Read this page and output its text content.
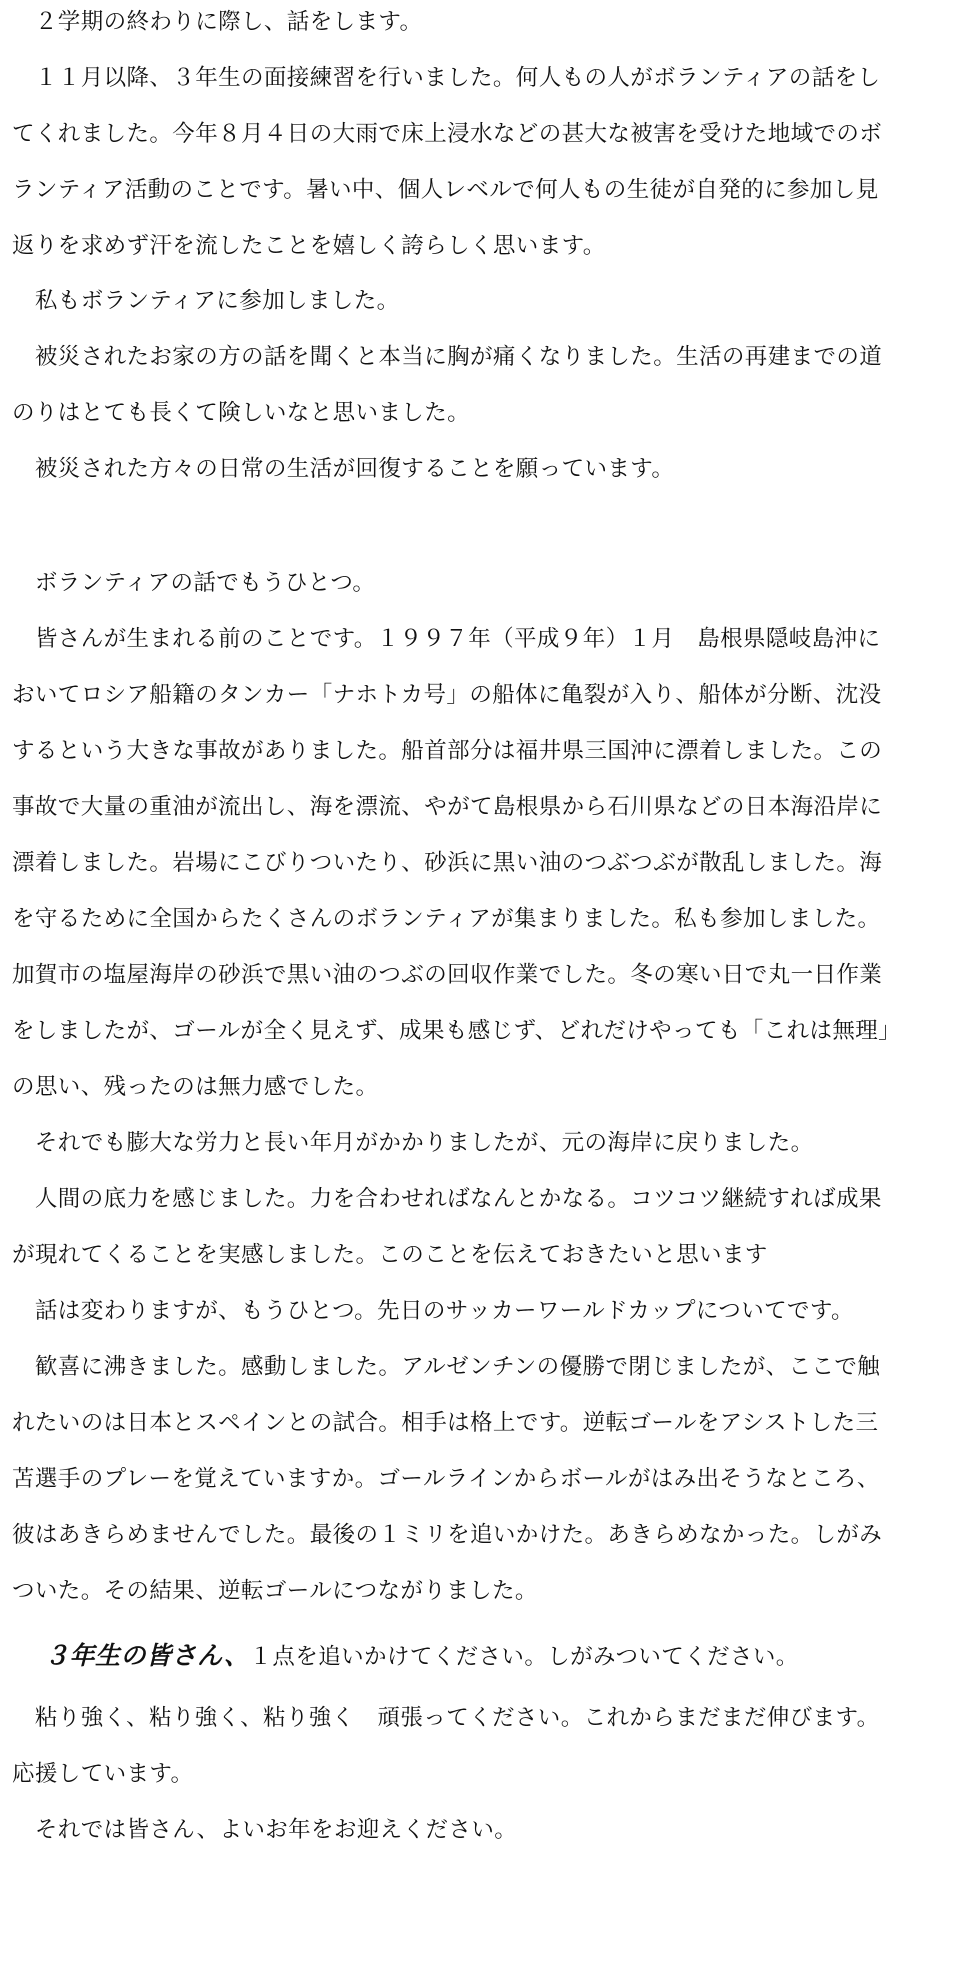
　２学期の終わりに際し、話をします。
　１１月以降、３年生の面接練習を行いました。何人もの人がボランティアの話をし
てくれました。今年８月４日の大雨で床上浸水などの甚大な被害を受けた地域でのボ
ランティア活動のことです。暑い中、個人レベルで何人もの生徒が自発的に参加し見
返りを求めず汗を流したことを嬉しく誇らしく思います。
　私もボランティアに参加しました。
　被災されたお家の方の話を聞くと本当に胸が痛くなりました。生活の再建までの道
のりはとても長くて険しいなと思いました。
　被災された方々の日常の生活が回復することを願っています。
　ボランティアの話でもうひとつ。
　皆さんが生まれる前のことです。１９９７年（平成９年）１月　島根県隠岐島沖に
おいてロシア船籍のタンカー「ナホトカ号」の船体に亀裂が入り、船体が分断、沈没
するという大きな事故がありました。船首部分は福井県三国沖に漂着しました。この
事故で大量の重油が流出し、海を漂流、やがて島根県から石川県などの日本海沿岸に
漂着しました。岩場にこびりついたり、砂浜に黒い油のつぶつぶが散乱しました。海
を守るために全国からたくさんのボランティアが集まりました。私も参加しました。
加賀市の塩屋海岸の砂浜で黒い油のつぶの回収作業でした。冬の寒い日で丸一日作業
をしましたが、ゴールが全く見えず、成果も感じず、どれだけやっても「これは無理」
の思い、残ったのは無力感でした。
　それでも膨大な労力と長い年月がかかりましたが、元の海岸に戻りました。
　人間の底力を感じました。力を合わせればなんとかなる。コツコツ継続すれば成果
が現れてくることを実感しました。このことを伝えておきたいと思います
　話は変わりますが、もうひとつ。先日のサッカーワールドカップについてです。
　歓喜に沸きました。感動しました。アルゼンチンの優勝で閉じましたが、ここで触
れたいのは日本とスペインとの試合。相手は格上です。逆転ゴールをアシストした三
苫選手のプレーを覚えていますか。ゴールラインからボールがはみ出そうなところ、
彼はあきらめませんでした。最後の１ミリを追いかけた。あきらめなかった。しがみ
ついた。その結果、逆転ゴールにつながりました。
３年生の皆さん、１点を追いかけてください。しがみついてください。
　粘り強く、粘り強く、粘り強く　頑張ってください。これからまだまだ伸びます。
応援しています。
　それでは皆さん、よいお年をお迎えください。
